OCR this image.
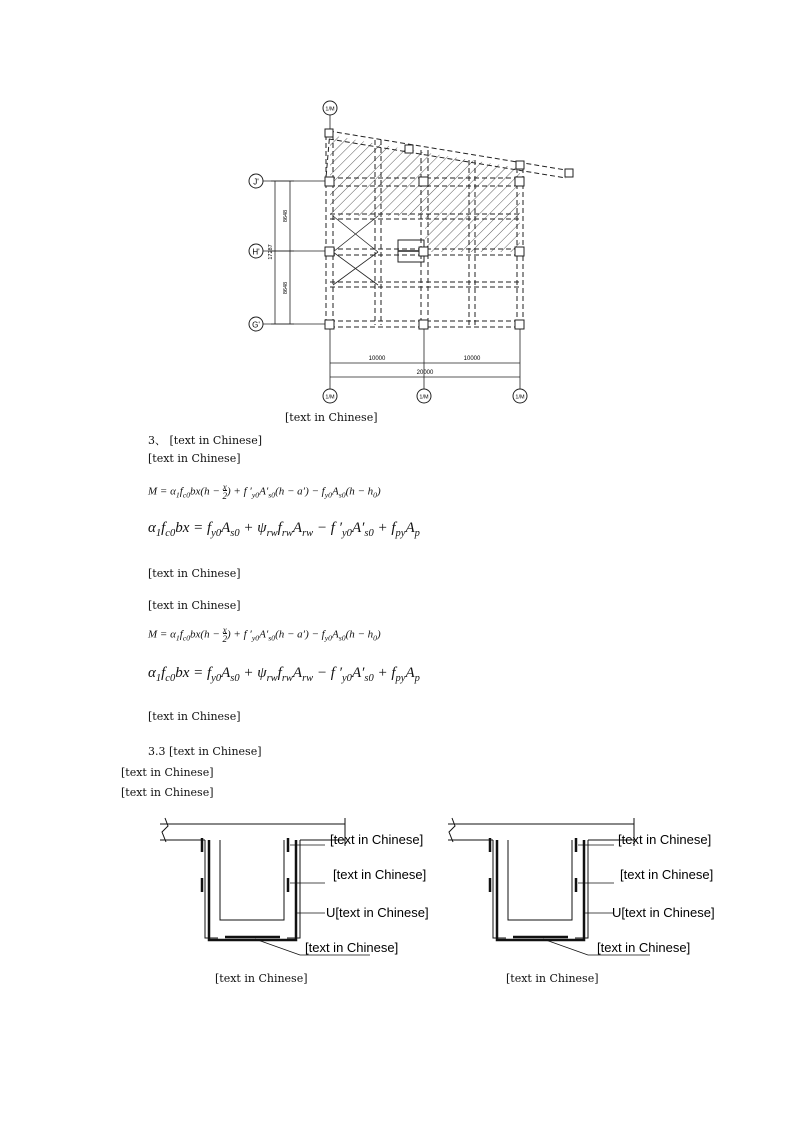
1/M
J'
H'
G'
17287
8648
8648
10000	10000
20000
1/M	1/M	1/M
[text in Chinese]
3、 [text in Chinese]
[text in Chinese]
$M = \alpha_1f_{c0}bx(h - x$
2) + f $'_{y0}A'_{s0}(h - a') - f_{y0}A_{s0}(h - h_0)$
$\alpha_1f_{c0}bx = f_{y0}A_{s0} + \psi_{rw}f_{rw}A_{rw} - f$ $'_{y0}A'_{s0} + f_{py}A_p$
[text in Chinese]
[text in Chinese]
$M = \alpha_1f_{c0}bx(h - x$
2) + f $'_{y0}A'_{s0}(h - a') - f_{y0}A_{s0}(h - h_0)$
$\alpha_1f_{c0}bx = f_{y0}A_{s0} + \psi_{rw}f_{rw}A_{rw} - f$ $'_{y0}A'_{s0} + f_{py}A_p$
[text in Chinese]
3.3 [text in Chinese]
[text in Chinese]
[text in Chinese]
[text in Chinese]
[text in Chinese]
U[text in Chinese]
[text in Chinese]
[text in Chinese]
[text in Chinese]
[text in Chinese]
U[text in Chinese]
[text in Chinese]
[text in Chinese]
